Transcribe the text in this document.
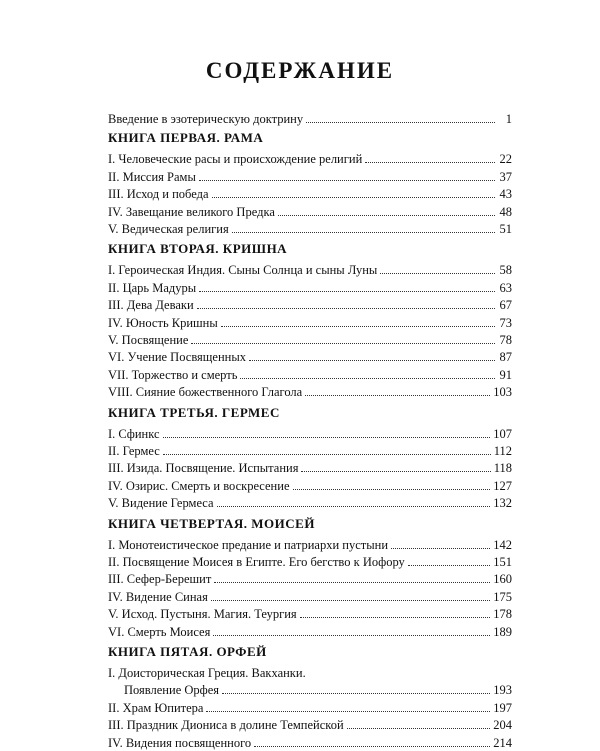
СОДЕРЖАНИЕ
Введение в эзотерическую доктрину	1
КНИГА ПЕРВАЯ. РАМА
I. Человеческие расы и происхождение религий	22
II. Миссия Рамы	37
III. Исход и победа	43
IV. Завещание великого Предка	48
V. Ведическая религия	51
КНИГА ВТОРАЯ. КРИШНА
I. Героическая Индия. Сыны Солнца и сыны Луны	58
II. Царь Мадуры	63
III. Дева Деваки	67
IV. Юность Кришны	73
V. Посвящение	78
VI. Учение Посвященных	87
VII. Торжество и смерть	91
VIII. Сияние божественного Глагола	103
КНИГА ТРЕТЬЯ. ГЕРМЕС
I. Сфинкс	107
II. Гермес	112
III. Изида. Посвящение. Испытания	118
IV. Озирис. Смерть и воскресение	127
V. Видение Гермеса	132
КНИГА ЧЕТВЕРТАЯ. МОИСЕЙ
I. Монотеистическое предание и патриархи пустыни	142
II. Посвящение Моисея в Египте. Его бегство к Иофору	151
III. Сефер-Берешит	160
IV. Видение Синая	175
V. Исход. Пустыня. Магия. Теургия	178
VI. Смерть Моисея	189
КНИГА ПЯТАЯ. ОРФЕЙ
I. Доисторическая Греция. Вакханки.
Появление Орфея	193
II. Храм Юпитера	197
III. Праздник Диониса в долине Темпейской	204
IV. Видения посвященного	214
